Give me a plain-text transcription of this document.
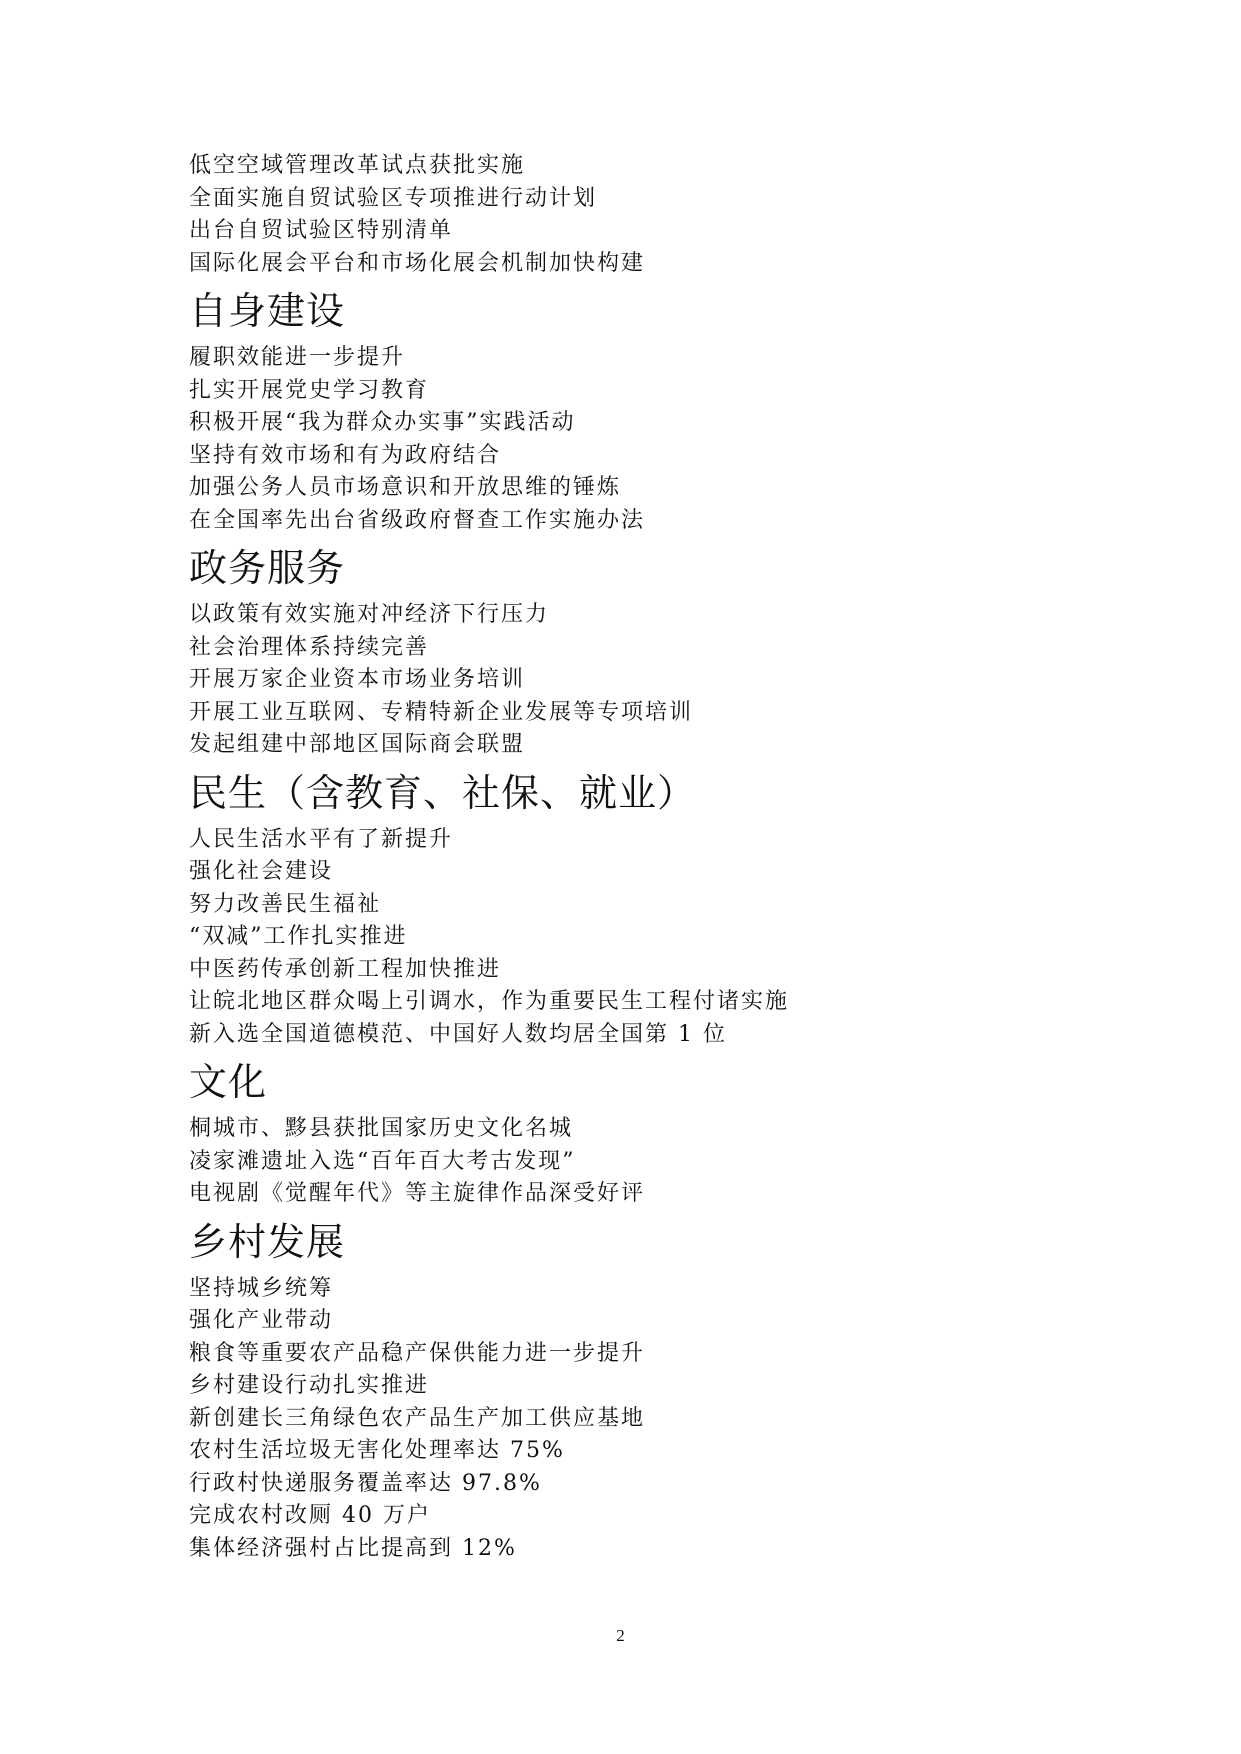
低空空域管理改革试点获批实施
全面实施自贸试验区专项推进行动计划
出台自贸试验区特别清单
国际化展会平台和市场化展会机制加快构建
自身建设
履职效能进一步提升
扎实开展党史学习教育
积极开展“我为群众办实事”实践活动
坚持有效市场和有为政府结合
加强公务人员市场意识和开放思维的锤炼
在全国率先出台省级政府督查工作实施办法
政务服务
以政策有效实施对冲经济下行压力
社会治理体系持续完善
开展万家企业资本市场业务培训
开展工业互联网、专精特新企业发展等专项培训
发起组建中部地区国际商会联盟
民生（含教育、社保、就业）
人民生活水平有了新提升
强化社会建设
努力改善民生福祉
“双减”工作扎实推进
中医药传承创新工程加快推进
让皖北地区群众喝上引调水，作为重要民生工程付诸实施
新入选全国道德模范、中国好人数均居全国第 1 位
文化
桐城市、黟县获批国家历史文化名城
凌家滩遗址入选“百年百大考古发现”
电视剧《觉醒年代》等主旋律作品深受好评
乡村发展
坚持城乡统筹
强化产业带动
粮食等重要农产品稳产保供能力进一步提升
乡村建设行动扎实推进
新创建长三角绿色农产品生产加工供应基地
农村生活垃圾无害化处理率达 75%
行政村快递服务覆盖率达 97.8%
完成农村改厕 40 万户
集体经济强村占比提高到 12%
2
